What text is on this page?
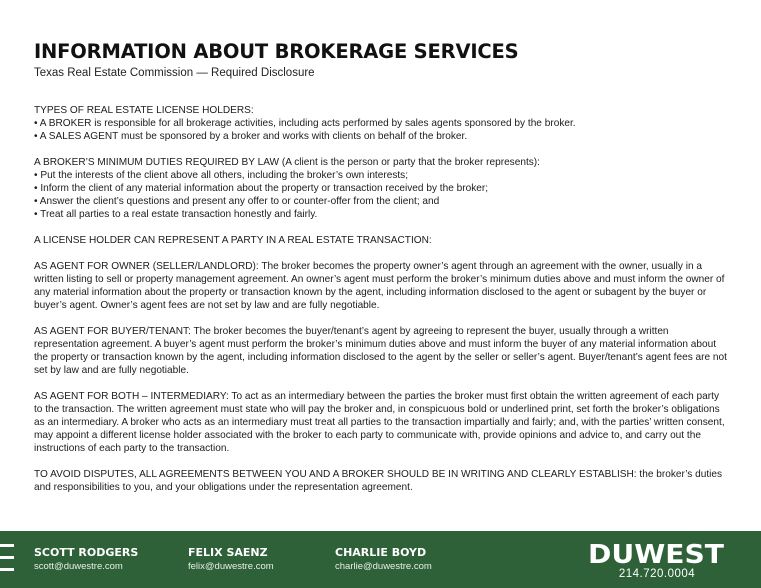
INFORMATION ABOUT BROKERAGE SERVICES
Texas Real Estate Commission — Required Disclosure
TYPES OF REAL ESTATE LICENSE HOLDERS:
• A BROKER is responsible for all brokerage activities, including acts performed by sales agents sponsored by the broker.
• A SALES AGENT must be sponsored by a broker and works with clients on behalf of the broker.
A BROKER’S MINIMUM DUTIES REQUIRED BY LAW (A client is the person or party that the broker represents):
• Put the interests of the client above all others, including the broker’s own interests;
• Inform the client of any material information about the property or transaction received by the broker;
• Answer the client’s questions and present any offer to or counter-offer from the client; and
• Treat all parties to a real estate transaction honestly and fairly.

A LICENSE HOLDER CAN REPRESENT A PARTY IN A REAL ESTATE TRANSACTION:

AS AGENT FOR OWNER (SELLER/LANDLORD): The broker becomes the property owner’s agent through an agreement with the owner, usually in a written listing to sell or property management agreement. An owner’s agent must perform the broker’s minimum duties above and must inform the owner of any material information about the property or transaction known by the agent, including information disclosed to the agent or subagent by the buyer or buyer’s agent. Owner’s agent fees are not set by law and are fully negotiable.

AS AGENT FOR BUYER/TENANT: The broker becomes the buyer/tenant’s agent by agreeing to represent the buyer, usually through a written representation agreement. A buyer’s agent must perform the broker’s minimum duties above and must inform the buyer of any material information about the property or transaction known by the agent, including information disclosed to the agent by the seller or seller’s agent. Buyer/tenant’s agent fees are not set by law and are fully negotiable.

AS AGENT FOR BOTH – INTERMEDIARY: To act as an intermediary between the parties the broker must first obtain the written agreement of each party to the transaction. The written agreement must state who will pay the broker and, in conspicuous bold or underlined print, set forth the broker’s obligations as an intermediary. A broker who acts as an intermediary must treat all parties to the transaction impartially and fairly; and, with the parties’ written consent, may appoint a different license holder associated with the broker to each party to communicate with, provide opinions and advice to, and carry out the instructions of each party to the transaction.

TO AVOID DISPUTES, ALL AGREEMENTS BETWEEN YOU AND A BROKER SHOULD BE IN WRITING AND CLEARLY ESTABLISH: the broker’s duties and responsibilities to you, and your obligations under the representation agreement.

SCOTT RODGERS
scott@duwestre.com
FELIX SAENZ
felix@duwestre.com
CHARLIE BOYD
charlie@duwestre.com	DUWEST
214.720.0004
